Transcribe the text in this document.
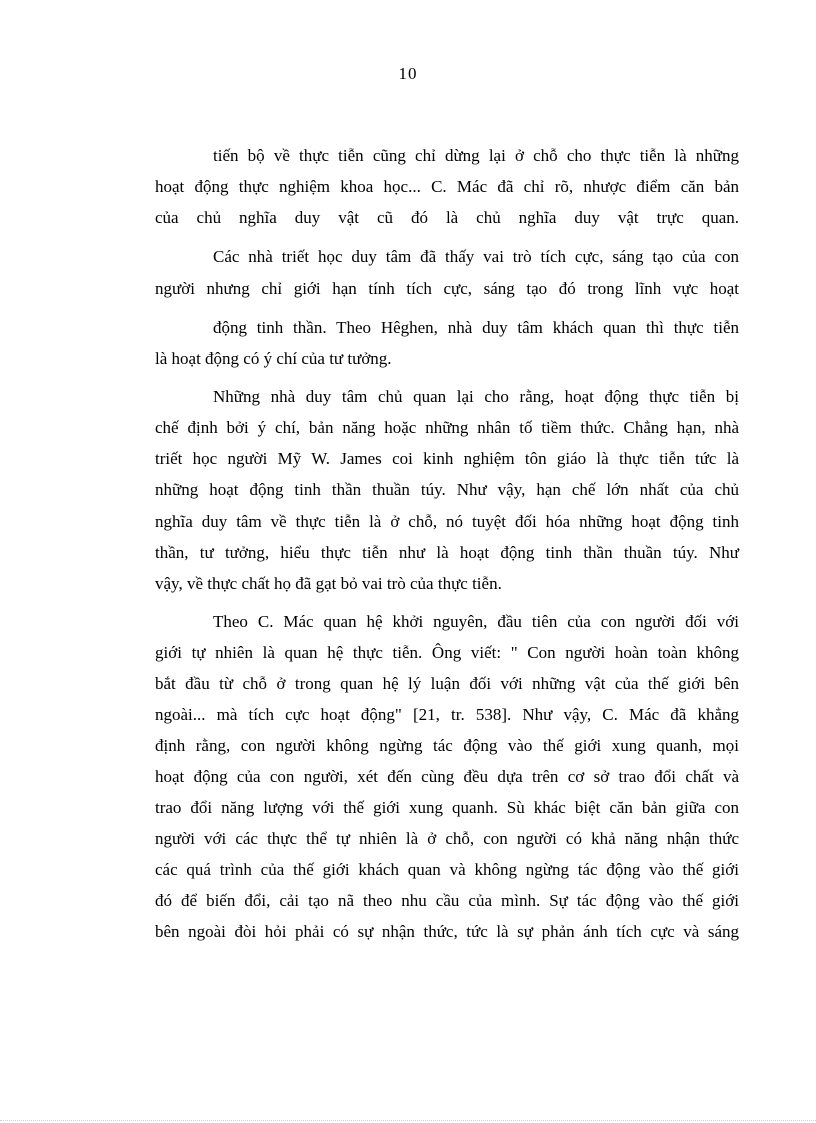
10
tiến bộ về thực tiễn cũng chỉ dừng lại ở chỗ cho thực tiễn là những
hoạt động thực nghiệm khoa học... C. Mác đã chỉ rõ, nhược điểm căn bản
của chủ nghĩa duy vật cũ đó là chủ nghĩa duy vật trực quan.
Các nhà triết học duy tâm đã thấy vai trò tích cực, sáng tạo của con
người nhưng chỉ giới hạn tính tích cực, sáng tạo đó trong lĩnh vực hoạt
động tinh thần. Theo Hêghen, nhà duy tâm khách quan thì thực tiễn
là hoạt động có ý chí của tư tưởng.
Những nhà duy tâm chủ quan lại cho rằng, hoạt động thực tiễn bị
chế định bởi ý chí, bản năng hoặc những nhân tố tiềm thức. Chẳng hạn, nhà
triết học người Mỹ W. James coi kinh nghiệm tôn giáo là thực tiễn tức là
những hoạt động tinh thần thuần túy. Như vậy, hạn chế lớn nhất của chủ
nghĩa duy tâm về thực tiễn là ở chỗ, nó tuyệt đối hóa những hoạt động tinh
thần, tư tưởng, hiểu thực tiễn như là hoạt động tinh thần thuần túy. Như
vậy, về thực chất họ đã gạt bỏ vai trò của thực tiễn.
Theo C. Mác quan hệ khởi nguyên, đầu tiên của con người đối với
giới tự nhiên là quan hệ thực tiễn. Ông viết: " Con người hoàn toàn không
bắt đầu từ chỗ ở trong quan hệ lý luận đối với những vật của thế giới bên
ngoài... mà tích cực hoạt động" [21, tr. 538]. Như vậy, C. Mác đã khẳng
định rằng, con người không ngừng tác động vào thế giới xung quanh, mọi
hoạt động của con người, xét đến cùng đều dựa trên cơ sở trao đổi chất và
trao đổi năng lượng với thế giới xung quanh. Sù khác biệt căn bản giữa con
người với các thực thể tự nhiên là ở chỗ, con người có khả năng nhận thức
các quá trình của thế giới khách quan và không ngừng tác động vào thế giới
đó để biến đổi, cải tạo nã theo nhu cầu của mình. Sự tác động vào thế giới
bên ngoài đòi hỏi phải có sự nhận thức, tức là sự phản ánh tích cực và sáng
